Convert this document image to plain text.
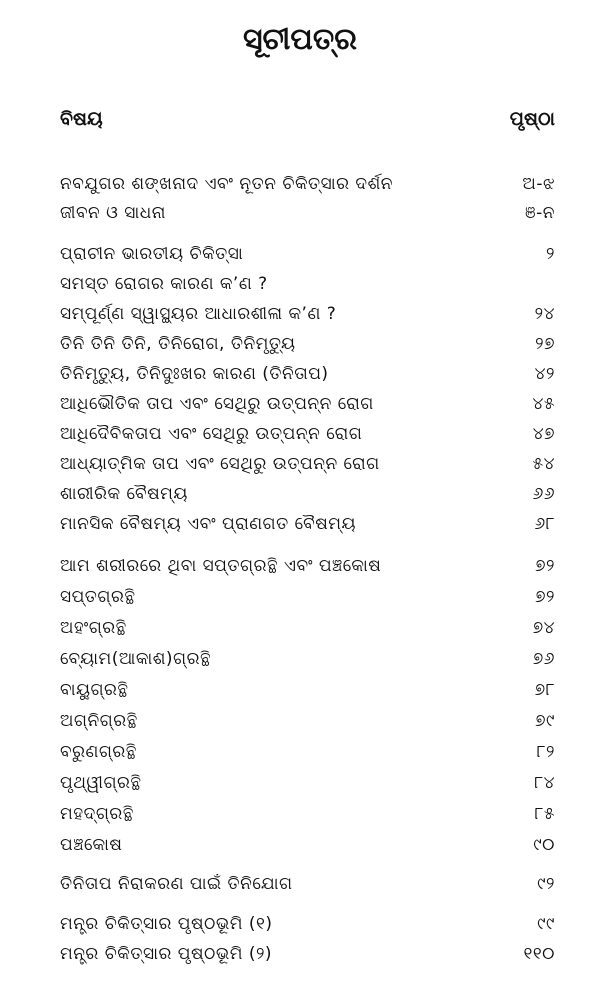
ସୂଚୀପତ୍ର
ବିଷୟ	ପୃଷ୍ଠା
ନବଯୁଗର ଶଙ୍ଖନାଦ ଏବଂ ନୂତନ ଚିକିତ୍ସାର ଦର୍ଶନ	ଅ-ଝ
ଜୀବନ ଓ ସାଧନା	ଞ-ନ
ପ୍ରାଚୀନ ଭାରତୀୟ ଚିକିତ୍ସା	୨
ସମସ୍ତ ରୋଗର କାରଣ କ’ଣ ?
ସମ୍ପୂର୍ଣ୍ଣ ସ୍ୱାସ୍ଥ୍ୟର ଆଧାରଶୀଳା କ’ଣ ?	୨୪
ତିନି ତିନି ତିନି, ତିନିରୋଗ, ତିନିମୃତ୍ୟୁ	୨୭
ତିନିମୃତ୍ୟୁ, ତିନିଦୁଃଖର କାରଣ (ତିନିତାପ)	୪୨
ଆଧିଭୌତିକ ତାପ ଏବଂ ସେଥିରୁ ଉତ୍ପନ୍ନ ରୋଗ	୪୫
ଆଧିଦୈବିକତାପ ଏବଂ ସେଥିରୁ ଉତ୍ପନ୍ନ ରୋଗ	୪୭
ଆଧ୍ୟାତ୍ମିକ ତାପ ଏବଂ ସେଥିରୁ ଉତ୍ପନ୍ନ ରୋଗ	୫୪
ଶାରୀରିକ ବୈଷମ୍ୟ	୬୬
ମାନସିକ ବୈଷମ୍ୟ ଏବଂ ପ୍ରାଣଗତ ବୈଷମ୍ୟ	୬୮
ଆମ ଶରୀରରେ ଥିବା ସପ୍ତଗ୍ରନ୍ଥି ଏବଂ ପଞ୍ଚକୋଷ	୭୨
ସପ୍ତଗ୍ରନ୍ଥି	୭୨
ଅହଂଗ୍ରନ୍ଥି	୭୪
ବ୍ୟୋମ(ଆକାଶ)ଗ୍ରନ୍ଥି	୭୬
ବାୟୁଗ୍ରନ୍ଥି	୭୮
ଅଗ୍ନିଗ୍ରନ୍ଥି	୭୯
ବରୁଣଗ୍ରନ୍ଥି	୮୨
ପୃଥ୍ୱୀଗ୍ରନ୍ଥି	୮୪
ମହଦ୍‌ଗ୍ରନ୍ଥି	୮୫
ପଞ୍ଚକୋଷ	୯୦
ତିନିତାପ ନିରାକରଣ ପାଇଁ ତିନିଯୋଗ	୯୨
ମନ୍ତ୍ର ଚିକିତ୍ସାର ପୃଷ୍ଠଭୂମି (୧)	୯୯
ମନ୍ତ୍ର ଚିକିତ୍ସାର ପୃଷ୍ଠଭୂମି (୨)	୧୧୦
